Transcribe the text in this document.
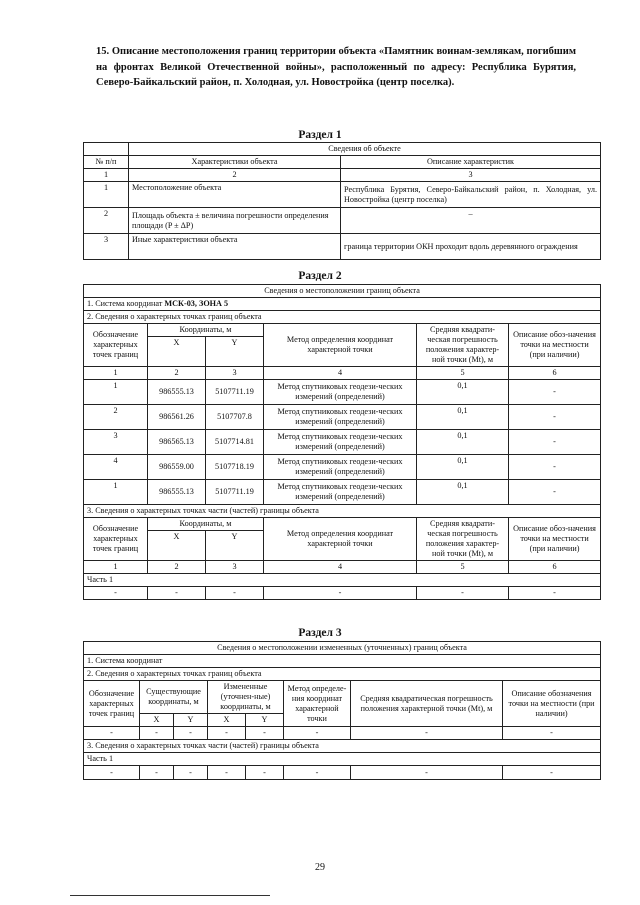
15. Описание местоположения границ территории объекта «Памятник воинам-землякам, погибшим на фронтах Великой Отечественной войны», расположенный по адресу: Республика Бурятия, Северо-Байкальский район, п. Холодная, ул. Новостройка (центр поселка).
Раздел 1
	Сведения об объекте	
№ п/п	Характеристики объекта	Описание характеристик
1	2	3
1	Местоположение объекта	Республика Бурятия, Северо-Байкальский район, п. Холодная, ул. Новостройка (центр поселка)
2	Площадь объекта ± величина погрешности определения площади (P ± ΔP)	–
3	Иные характеристики объекта	граница территории ОКН проходит вдоль деревянного ограждения
Раздел 2
Сведения о местоположении границ объекта					
1. Система координат МСК-03, ЗОНА 5					
2. Сведения о характерных точках границ объекта					
Обозначение характерных точек границ	Координаты, м		Метод определения координат характерной точки	Средняя квадрати-ческая погрешность положения характер-ной точки (Mt), м	Описание обоз-начения точки на местности (при наличии)
	X	Y			
1	2	3	4	5	6
1	986555.13	5107711.19	Метод спутниковых геодези-ческих измерений (определений)	0,1	-
2	986561.26	5107707.8	Метод спутниковых геодези-ческих измерений (определений)	0,1	-
3	986565.13	5107714.81	Метод спутниковых геодези-ческих измерений (определений)	0,1	-
4	986559.00	5107718.19	Метод спутниковых геодези-ческих измерений (определений)	0,1	-
1	986555.13	5107711.19	Метод спутниковых геодези-ческих измерений (определений)	0,1	-
3. Сведения о характерных точках части (частей) границы объекта					
Обозначение характерных точек границ	Координаты, м		Метод определения координат характерной точки	Средняя квадрати-ческая погрешность положения характер-ной точки (Mt), м	Описание обоз-начения точки на местности (при наличии)
	X	Y			
1	2	3	4	5	6
Часть 1					
-	-	-	-	-	-
Раздел 3
Сведения о местоположении измененных (уточненных) границ объекта							
1. Система координат							
2. Сведения о характерных точках границ объекта							
Обозначение характерных точек границ	Существующие координаты, м		Измененные (уточнен-ные) координаты, м		Метод определе-ния координат характерной точки	Средняя квадратическая погрешность положения характерной точки (Mt), м	Описание обозначения точки на местности (при наличии)
	X	Y	X	Y			
-	-	-	-	-	-	-	-
3. Сведения о характерных точках части (частей) границы объекта							
Часть 1							
-	-	-	-	-	-	-	-
29
